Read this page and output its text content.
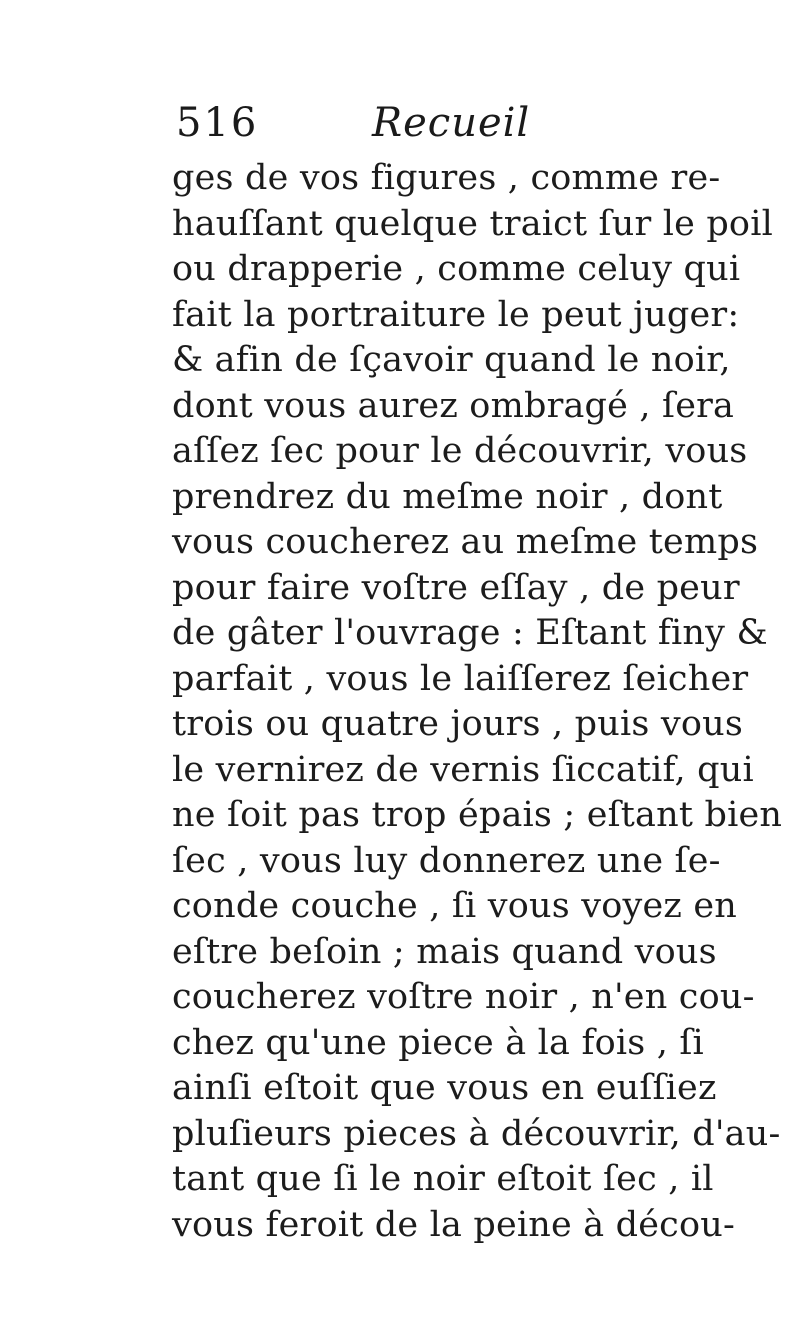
516	Recueil
ges de vos figures , comme re-
hauſſant quelque traict ſur le poil
ou drapperie , comme celuy qui
fait la portraiture le peut juger:
& afin de ſçavoir quand le noir,
dont vous aurez ombragé , ſera
aſſez ſec pour le découvrir, vous
prendrez du meſme noir , dont
vous coucherez au meſme temps
pour faire voſtre eſſay , de peur
de gâter l'ouvrage : Eſtant finy &
parfait , vous le laiſſerez ſeicher
trois ou quatre jours , puis vous
le vernirez de vernis ſiccatif, qui
ne ſoit pas trop épais ; eſtant bien
ſec , vous luy donnerez une ſe-
conde couche , ſi vous voyez en
eſtre beſoin ; mais quand vous
coucherez voſtre noir , n'en cou-
chez qu'une piece à la fois , ſi
ainſi eſtoit que vous en euſſiez
pluſieurs pieces à découvrir, d'au-
tant que ſi le noir eſtoit ſec , il
vous feroit de la peine à décou-
